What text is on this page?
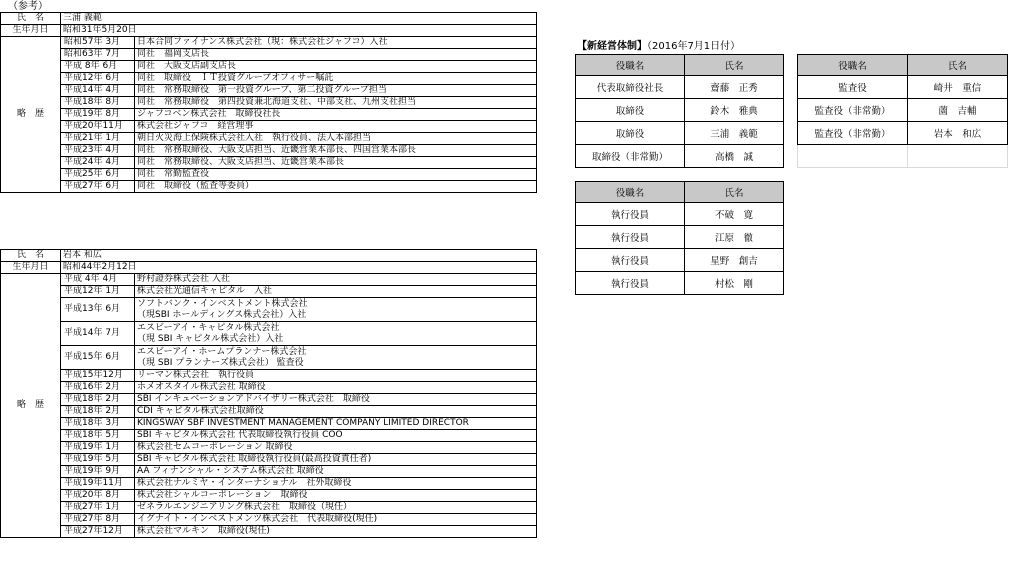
（参考）
氏　名	三浦 義範	
生年月日	昭和31年5月20日	
略　歴	昭和57年 3月	日本合同ファイナンス株式会社（現：株式会社ジャフコ）入社
	昭和63年 7月	同社　福岡支店長
	平成 8年 6月	同社　大阪支店副支店長
	平成12年 6月	同社　取締役　ＩＴ投資グループオフィサー嘱託
	平成14年 4月	同社　常務取締役　第一投資グループ、第二投資グループ担当
	平成18年 8月	同社　常務取締役　第四投資兼北海道支社、中部支社、九州支社担当
	平成19年 8月	ジャフコベン株式会社　取締役社長
	平成20年11月	株式会社ジャフコ　経営理事
	平成21年 1月	朝日火災海上保険株式会社入社　執行役員、法人本部担当
	平成23年 4月	同社　常務取締役、大阪支店担当、近畿営業本部長、四国営業本部長
	平成24年 4月	同社　常務取締役、大阪支店担当、近畿営業本部長
	平成25年 6月	同社　常勤監査役
	平成27年 6月	同社　取締役（監査等委員）
氏　名	岩本 和広	
生年月日	昭和44年2月12日	
略　歴	平成 4年 4月	野村證券株式会社 入社
	平成12年 1月	株式会社光通信キャピタル　入社
	平成13年 6月	ソフトバンク・インベストメント株式会社
（現SBI ホールディングス株式会社）入社
	平成14年 7月	エスビーアイ・キャピタル株式会社
（現 SBI キャピタル株式会社）入社
	平成15年 6月	エスビーアイ・ホームプランナー株式会社
（現 SBI プランナーズ株式会社） 監査役
	平成15年12月	リーマン株式会社　執行役員
	平成16年 2月	ホメオスタイル株式会社 取締役
	平成18年 2月	SBI インキュベーションアドバイザリー株式会社　取締役
	平成18年 2月	CDI キャピタル株式会社取締役
	平成18年 3月	KINGSWAY SBF INVESTMENT MANAGEMENT COMPANY LIMITED DIRECTOR
	平成18年 5月	SBI キャピタル株式会社 代表取締役執行役員 COO
	平成19年 1月	株式会社セムコーポレーション 取締役
	平成19年 5月	SBI キャピタル株式会社 取締役執行役員(最高投資責任者)
	平成19年 9月	AA フィナンシャル・システム株式会社 取締役
	平成19年11月	株式会社ナルミヤ・インターナショナル　社外取締役
	平成20年 8月	株式会社シャルコーポレーション　取締役
	平成27年 1月	ゼネラルエンジニアリング株式会社　取締役（現任）
	平成27年 8月	イグナイト・インベストメンツ株式会社　代表取締役(現任)
	平成27年12月	株式会社マルキン　取締役(現任)
【新経営体制】（2016年7月1日付）
役職名	氏名
代表取締役社長	齋藤　正秀
取締役	鈴木　雅典
取締役	三浦　義範
取締役（非常勤）	高橋　誠
役職名	氏名
監査役	崎井　重信
監査役（非常勤）	薗　吉輔
監査役（非常勤）	岩本　和広

役職名	氏名
執行役員	不破　寛
執行役員	江原　徹
執行役員	星野　創吉
執行役員	村松　剛
